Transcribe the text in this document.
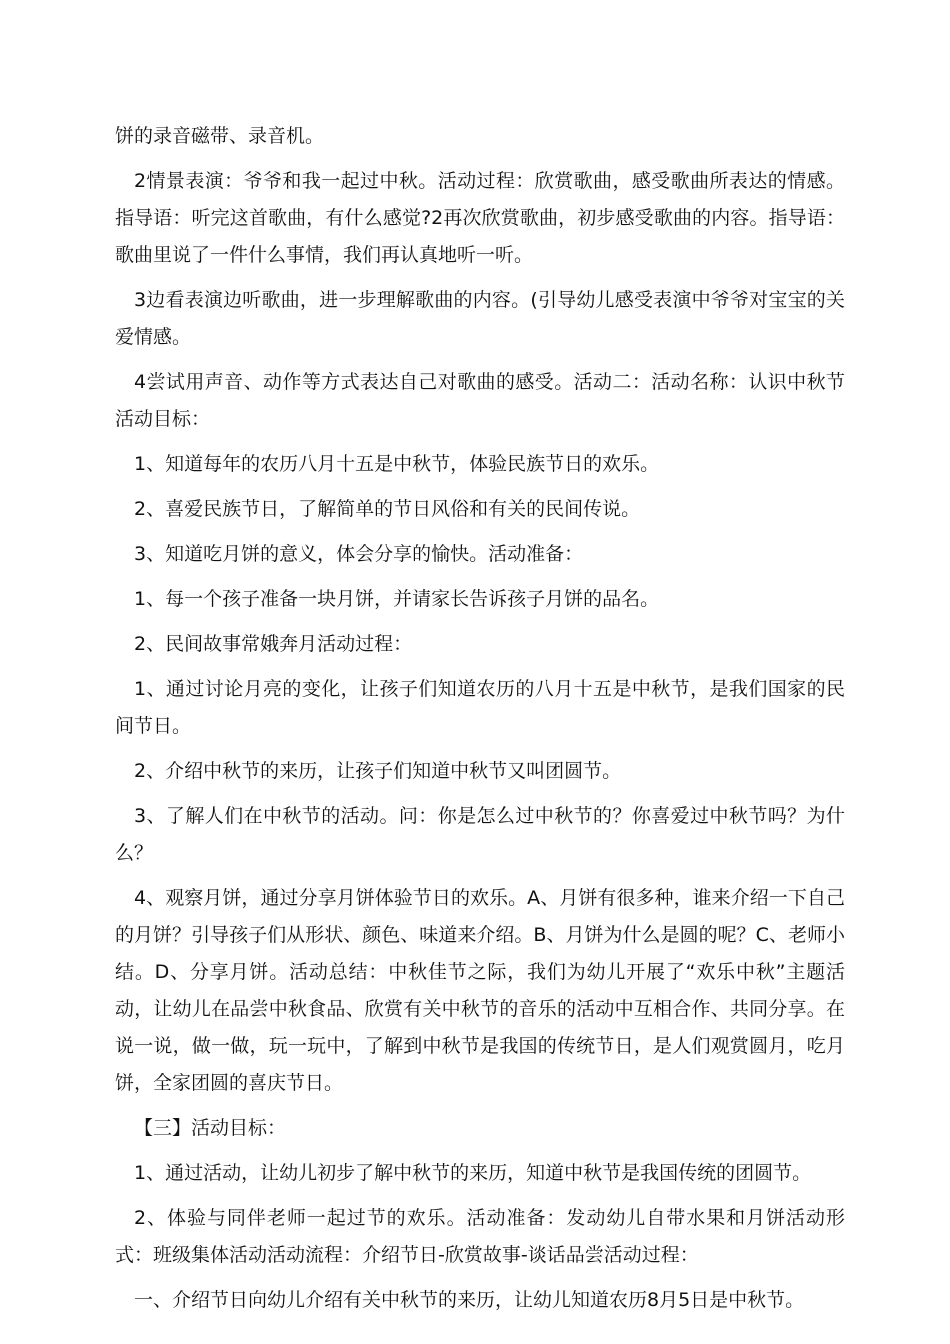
饼的录音磁带、录音机。

2情景表演：爷爷和我一起过中秋。活动过程：欣赏歌曲，感受歌曲所表达的情感。指导语：听完这首歌曲，有什么感觉?2再次欣赏歌曲，初步感受歌曲的内容。指导语：歌曲里说了一件什么事情，我们再认真地听一听。

3边看表演边听歌曲，进一步理解歌曲的内容。(引导幼儿感受表演中爷爷对宝宝的关爱情感。

4尝试用声音、动作等方式表达自己对歌曲的感受。活动二：活动名称：认识中秋节活动目标：

1、知道每年的农历八月十五是中秋节，体验民族节日的欢乐。

2、喜爱民族节日，了解简单的节日风俗和有关的民间传说。

3、知道吃月饼的意义，体会分享的愉快。活动准备：

1、每一个孩子准备一块月饼，并请家长告诉孩子月饼的品名。

2、民间故事常娥奔月活动过程：

1、通过讨论月亮的变化，让孩子们知道农历的八月十五是中秋节，是我们国家的民间节日。

2、介绍中秋节的来历，让孩子们知道中秋节又叫团圆节。

3、了解人们在中秋节的活动。问：你是怎么过中秋节的？你喜爱过中秋节吗？为什么？

4、观察月饼，通过分享月饼体验节日的欢乐。A、月饼有很多种，谁来介绍一下自己的月饼？引导孩子们从形状、颜色、味道来介绍。B、月饼为什么是圆的呢？C、老师小结。D、分享月饼。活动总结：中秋佳节之际，我们为幼儿开展了“欢乐中秋”主题活动，让幼儿在品尝中秋食品、欣赏有关中秋节的音乐的活动中互相合作、共同分享。在说一说，做一做，玩一玩中，了解到中秋节是我国的传统节日，是人们观赏圆月，吃月饼，全家团圆的喜庆节日。

【三】活动目标：

1、通过活动，让幼儿初步了解中秋节的来历，知道中秋节是我国传统的团圆节。

2、体验与同伴老师一起过节的欢乐。活动准备：发动幼儿自带水果和月饼活动形式：班级集体活动活动流程：介绍节日-欣赏故事-谈话品尝活动过程：

一、介绍节日向幼儿介绍有关中秋节的来历，让幼儿知道农历8月5日是中秋节。
